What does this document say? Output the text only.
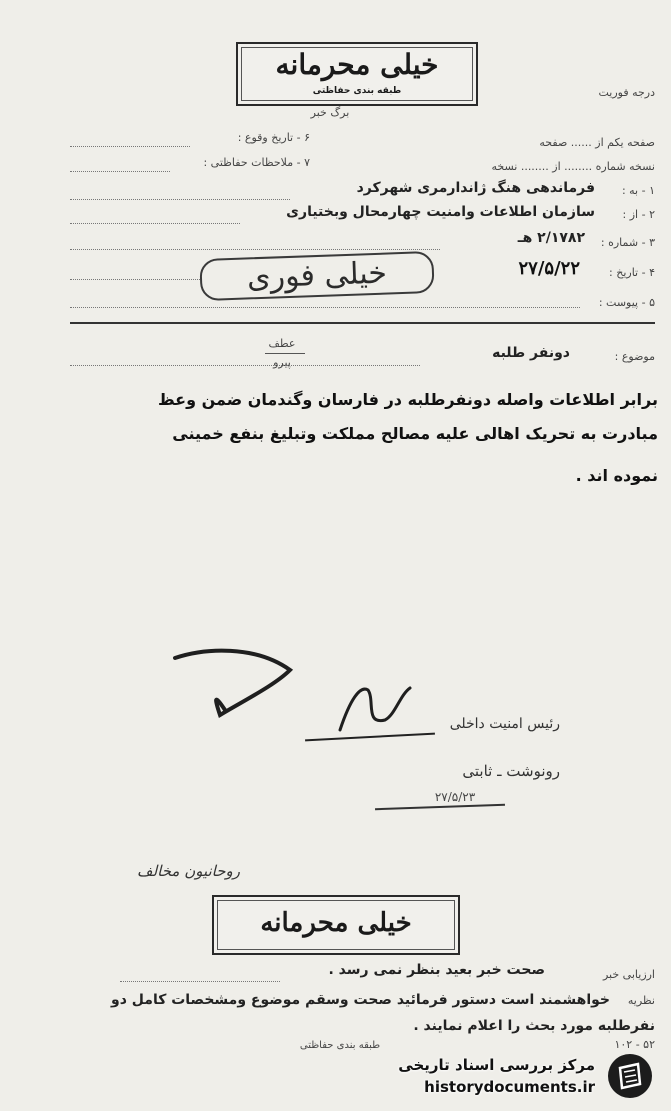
خیلی محرمانه
طبقه بندی حفاظتی
برگ خبر
درجه فوریت
صفحه یکم از ...... صفحه
نسخه شماره ........ از ........ نسخه
۶ - تاریخ وقوع :
۷ - ملاحظات حفاظتی :
۱ - به :
فرماندهی هنگ ژاندارمری شهرکرد
۲ - از :
سازمان اطلاعات وامنیت چهارمحال وبختیاری
۳ - شماره :
۲/۱۷۸۲ هـ
۴ - تاریخ :
۲۷/۵/۲۲
خیلی فوری
۵ - پیوست :
عطف
پیرو	موضوع :
دونفر طلبه
برابر اطلاعات واصله دونفرطلبه در فارسان وگندمان ضمن وعظ
مبادرت به تحریک اهالی علیه مصالح مملکت وتبلیغ بنفع خمینی
نموده اند .
رئیس امنیت داخلی
رونوشت ـ ثابتی
۲۷/۵/۲۳
روحانیون مخالف
خیلی محرمانه
ارزیابی خبر
صحت خبر بعید بنظر نمی رسد .
نظریه
خواهشمند است دستور فرمائید صحت وسقم موضوع ومشخصات کامل دو
نفرطلبه مورد بحث را اعلام نمایند .
۱۰۲ - ۵۲
طبقه بندی حفاظتی
مرکز بررسی اسناد تاریخی
historydocuments.ir
